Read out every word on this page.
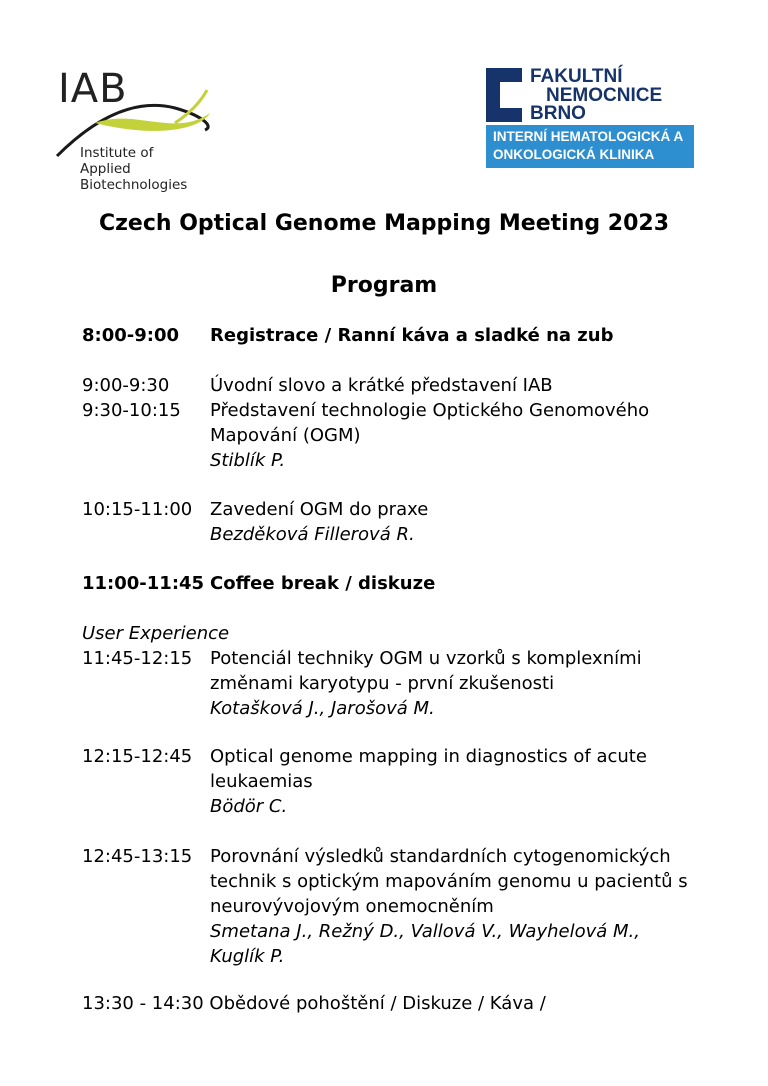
IAB
Institute of Applied Biotechnologies
FAKULTNÍ
NEMOCNICE
BRNO
INTERNÍ HEMATOLOGICKÁ A
ONKOLOGICKÁ KLINIKA
Czech Optical Genome Mapping Meeting 2023
Program
8:00-9:00 Registrace / Ranní káva a sladké na zub
9:00-9:30 Úvodní slovo a krátké představení IAB
9:30-10:15 Představení technologie Optického Genomového
Mapování (OGM)
Stiblík P.
10:15-11:00 Zavedení OGM do praxe
Bezděková Fillerová R.
11:00-11:45 Coffee break / diskuze
User Experience
11:45-12:15 Potenciál techniky OGM u vzorků s komplexními
změnami karyotypu - první zkušenosti
Kotašková J., Jarošová M.
12:15-12:45 Optical genome mapping in diagnostics of acute
leukaemias
Bödör C.
12:45-13:15 Porovnání výsledků standardních cytogenomických
technik s optickým mapováním genomu u pacientů s
neurovývojovým onemocněním
Smetana J., Režný D., Vallová V., Wayhelová M.,
Kuglík P.
13:30 - 14:30 Obědové pohoštění / Diskuze / Káva /
